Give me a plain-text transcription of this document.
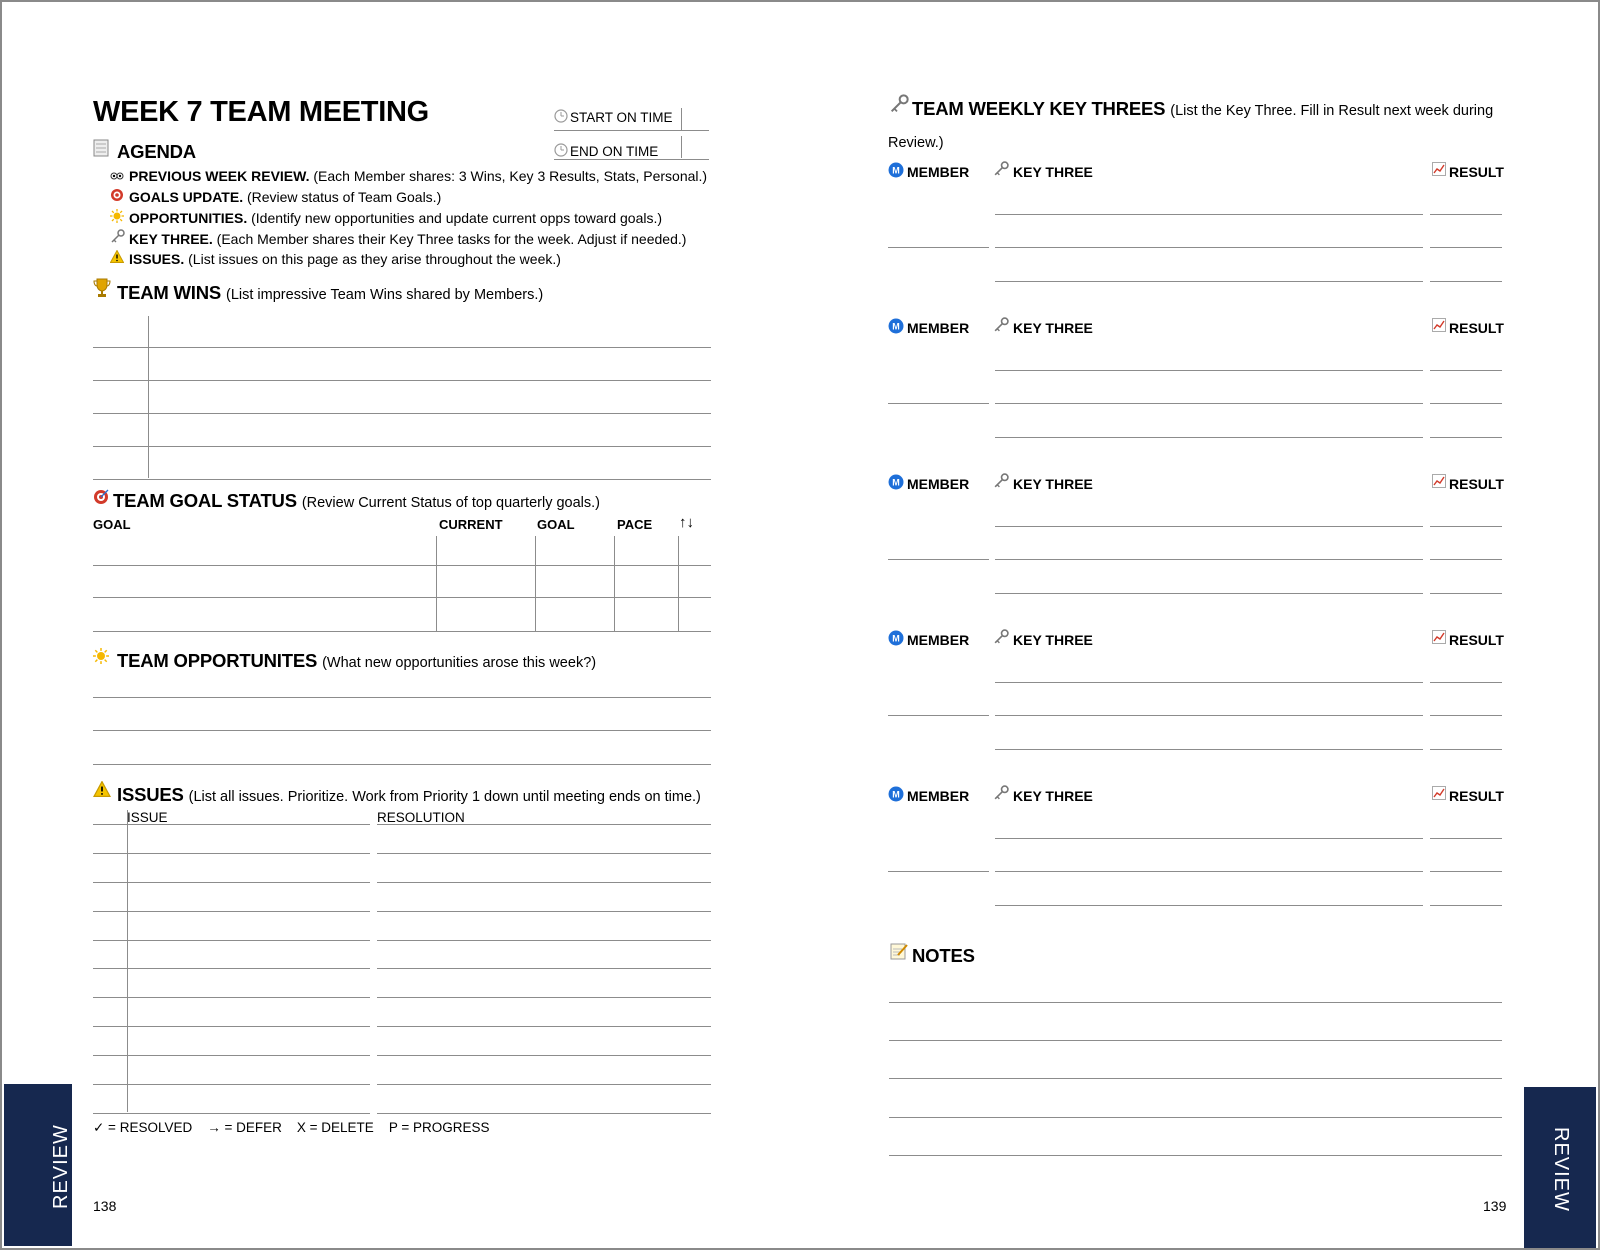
WEEK 7 TEAM MEETING	START ON TIME
END ON TIME
AGENDA
PREVIOUS WEEK REVIEW. (Each Member shares: 3 Wins, Key 3 Results, Stats, Personal.)
GOALS UPDATE. (Review status of Team Goals.)
OPPORTUNITIES. (Identify new opportunities and update current opps toward goals.)
KEY THREE. (Each Member shares their Key Three tasks for the week. Adjust if needed.)
ISSUES. (List issues on this page as they arise throughout the week.)
TEAM WINS (List impressive Team Wins shared by Members.)
TEAM GOAL STATUS (Review Current Status of top quarterly goals.)
GOAL	CURRENT	GOAL	PACE ↑↓
TEAM OPPORTUNITES (What new opportunities arose this week?)
ISSUES (List all issues. Prioritize. Work from Priority 1 down until meeting ends on time.)
ISSUE	RESOLUTION
✓ = RESOLVED → = DEFER X = DELETE P = PROGRESS
REVIEW 138
TEAM WEEKLY KEY THREES (List the Key Three. Fill in Result next week during
Review.)
M MEMBER	KEY THREE	RESULT
M MEMBER	KEY THREE	RESULT
M MEMBER	KEY THREE	RESULT
M MEMBER	KEY THREE	RESULT
M MEMBER	KEY THREE	RESULT
NOTES
REVIEW
139
